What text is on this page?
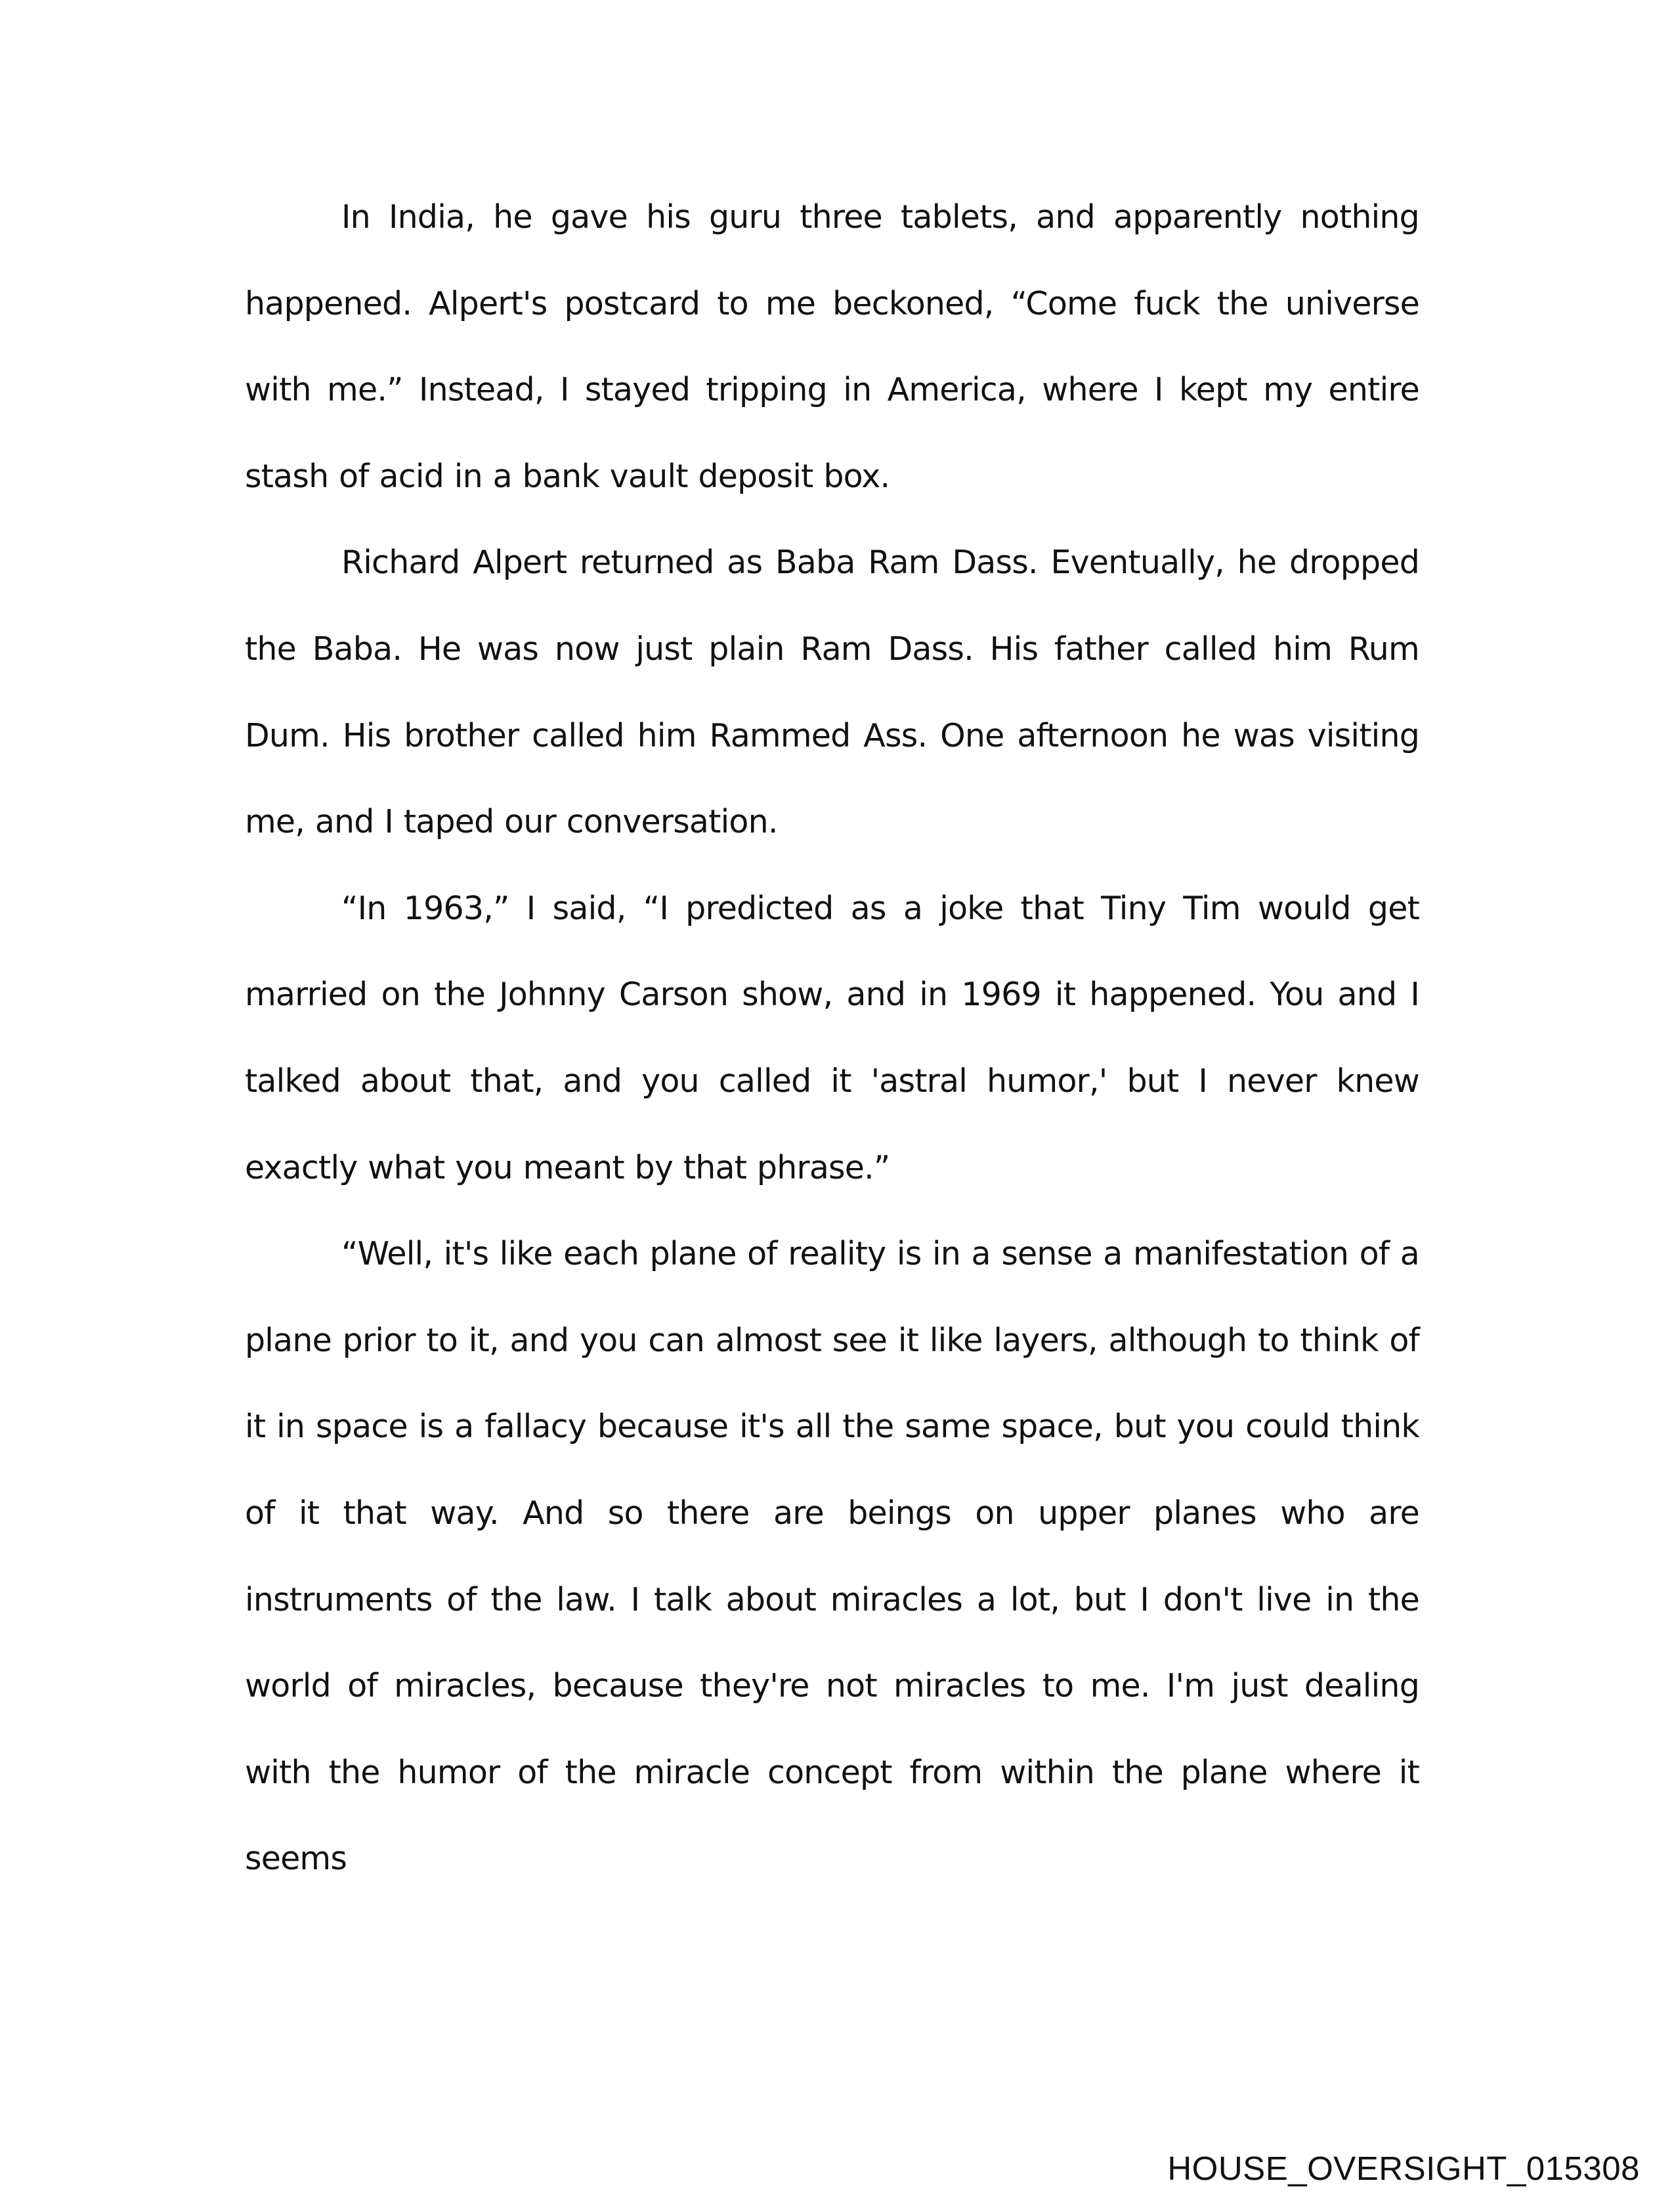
In India, he gave his guru three tablets, and apparently nothing happened. Alpert's postcard to me beckoned, “Come fuck the universe with me.” Instead, I stayed tripping in America, where I kept my entire stash of acid in a bank vault deposit box.

Richard Alpert returned as Baba Ram Dass. Eventually, he dropped the Baba. He was now just plain Ram Dass. His father called him Rum Dum. His brother called him Rammed Ass. One afternoon he was visiting me, and I taped our conversation.

“In 1963,” I said, “I predicted as a joke that Tiny Tim would get married on the Johnny Carson show, and in 1969 it happened. You and I talked about that, and you called it 'astral humor,' but I never knew exactly what you meant by that phrase.”

“Well, it's like each plane of reality is in a sense a manifestation of a plane prior to it, and you can almost see it like layers, although to think of it in space is a fallacy because it's all the same space, but you could think of it that way. And so there are beings on upper planes who are instruments of the law. I talk about miracles a lot, but I don't live in the world of miracles, because they're not miracles to me. I'm just dealing with the humor of the miracle concept from within the plane where it seems

HOUSE_OVERSIGHT_015308
